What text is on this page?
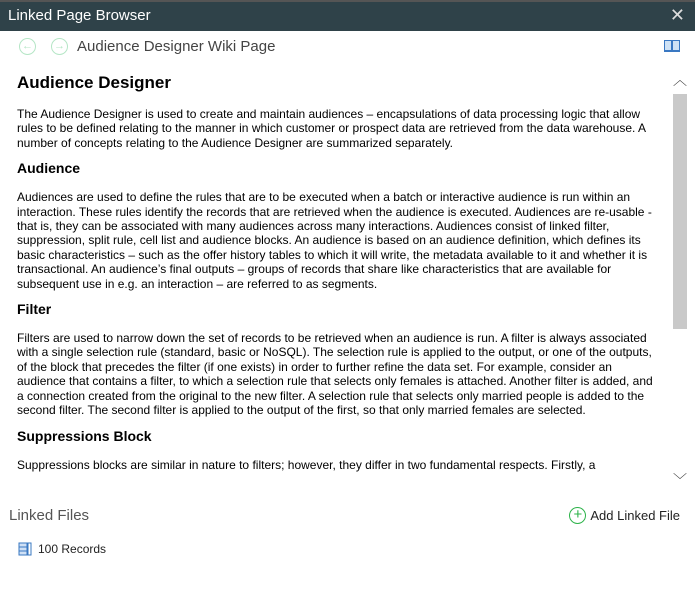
Linked Page Browser	✕
← → Audience Designer Wiki Page
Audience Designer

The Audience Designer is used to create and maintain audiences – encapsulations of data processing logic that allow rules to be defined relating to the manner in which customer or prospect data are retrieved from the data warehouse. A number of concepts relating to the Audience Designer are summarized separately.

Audience

Audiences are used to define the rules that are to be executed when a batch or interactive audience is run within an interaction. These rules identify the records that are retrieved when the audience is executed. Audiences are re-usable - that is, they can be associated with many audiences across many interactions. Audiences consist of linked filter, suppression, split rule, cell list and audience blocks. An audience is based on an audience definition, which defines its basic characteristics – such as the offer history tables to which it will write, the metadata available to it and whether it is transactional. An audience’s final outputs – groups of records that share like characteristics that are available for subsequent use in e.g. an interaction – are referred to as segments.

Filter

Filters are used to narrow down the set of records to be retrieved when an audience is run. A filter is always associated with a single selection rule (standard, basic or NoSQL). The selection rule is applied to the output, or one of the outputs, of the block that precedes the filter (if one exists) in order to further refine the data set. For example, consider an audience that contains a filter, to which a selection rule that selects only females is attached. Another filter is added, and a connection created from the original to the new filter. A selection rule that selects only married people is added to the second filter. The second filter is applied to the output of the first, so that only married females are selected.

Suppressions Block

Suppressions blocks are similar in nature to filters; however, they differ in two fundamental respects. Firstly, a

︿
﹀
Linked Files	+ Add Linked File
100 Records
